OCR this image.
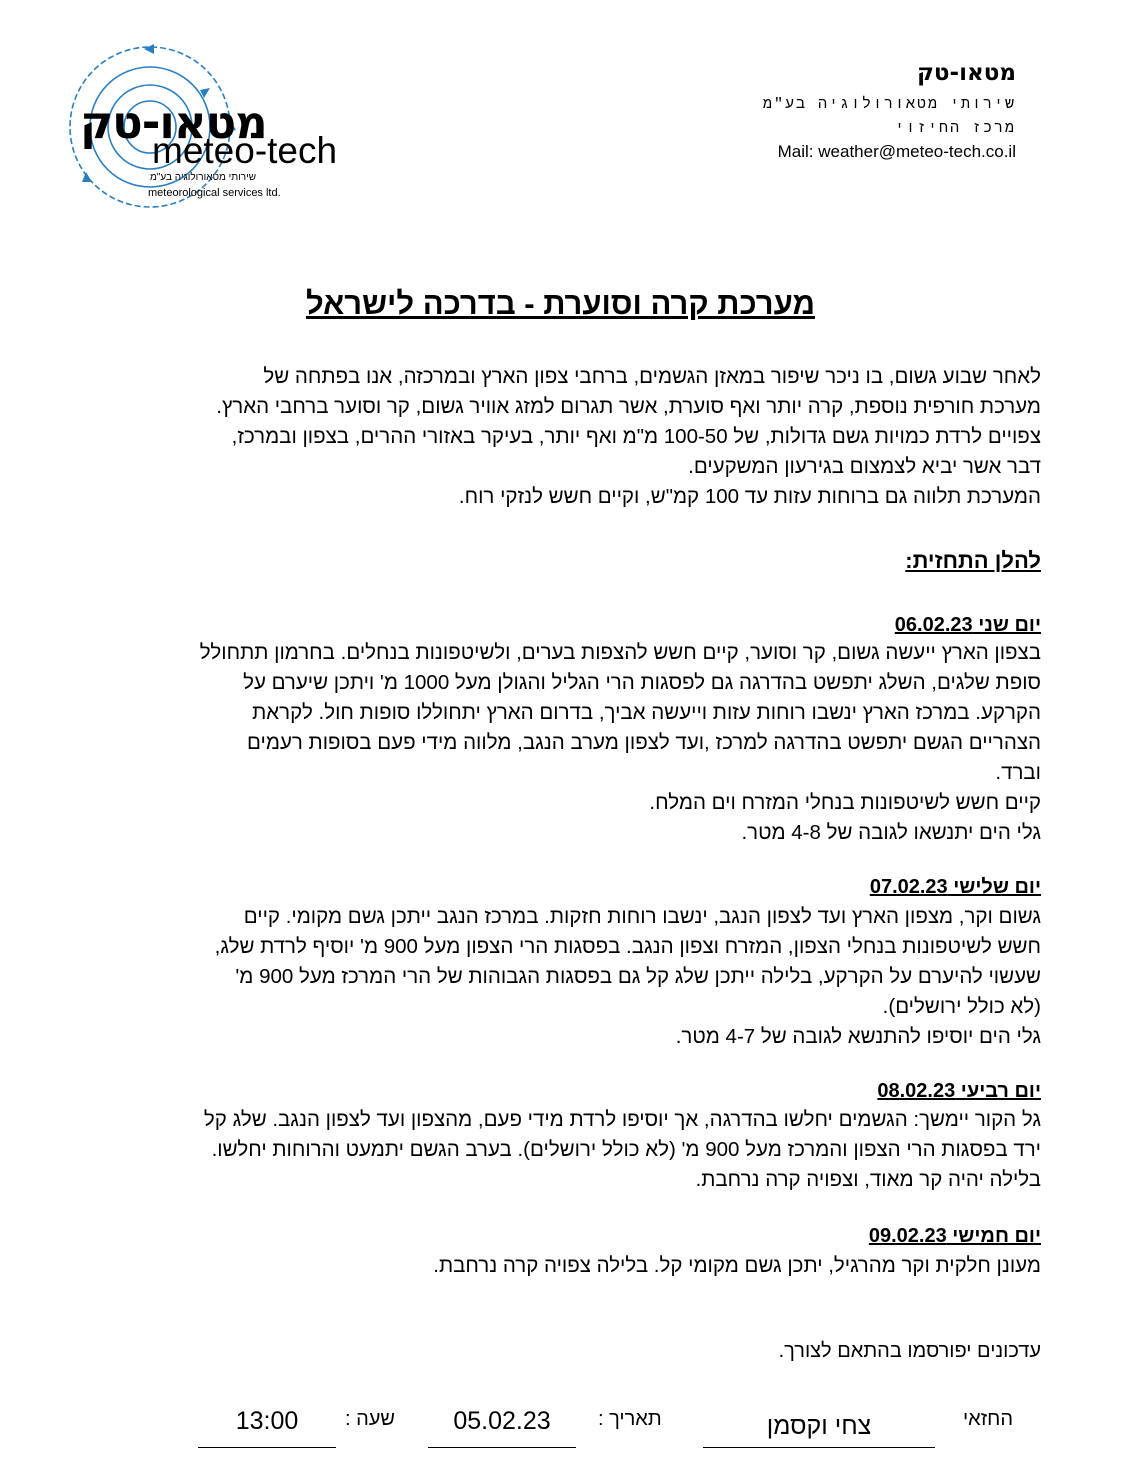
מטאו-טק
meteo-tech
שירותי מטאורולוגיה בע"מ
meteorological services ltd.
מטאו-טק
שירותי מטאורולוגיה בע"מ
מרכז החיזוי
Mail: weather@meteo-tech.co.il
מערכת קרה וסוערת - בדרכה לישראל

לאחר שבוע גשום, בו ניכר שיפור במאזן הגשמים, ברחבי צפון הארץ ובמרכזה, אנו בפתחה של

מערכת חורפית נוספת, קרה יותר ואף סוערת, אשר תגרום למזג אוויר גשום, קר וסוער ברחבי הארץ.

צפויים לרדת כמויות גשם גדולות, של 100-50 מ"מ ואף יותר, בעיקר באזורי ההרים, בצפון ובמרכז,

דבר אשר יביא לצמצום בגירעון המשקעים.

המערכת תלווה גם ברוחות עזות עד 100 קמ"ש, וקיים חשש לנזקי רוח.

להלן התחזית:
יום שני 06.02.23

בצפון הארץ ייעשה גשום, קר וסוער, קיים חשש להצפות בערים, ולשיטפונות בנחלים. בחרמון תתחולל

סופת שלגים, השלג יתפשט בהדרגה גם לפסגות הרי הגליל והגולן מעל 1000 מ' ויתכן שיערם על

הקרקע. במרכז הארץ ינשבו רוחות עזות וייעשה אביך, בדרום הארץ יתחוללו סופות חול. לקראת

הצהריים הגשם יתפשט בהדרגה למרכז ,ועד לצפון מערב הנגב, מלווה מידי פעם בסופות רעמים

וברד.

קיים חשש לשיטפונות בנחלי המזרח וים המלח.

גלי הים יתנשאו לגובה של 4-8 מטר.

יום שלישי 07.02.23

גשום וקר, מצפון הארץ ועד לצפון הנגב, ינשבו רוחות חזקות. במרכז הנגב ייתכן גשם מקומי. קיים

חשש לשיטפונות בנחלי הצפון, המזרח וצפון הנגב. בפסגות הרי הצפון מעל 900 מ' יוסיף לרדת שלג,

שעשוי להיערם על הקרקע, בלילה ייתכן שלג קל גם בפסגות הגבוהות של הרי המרכז מעל 900 מ'

(לא כולל ירושלים).

גלי הים יוסיפו להתנשא לגובה של 4-7 מטר.

יום רביעי 08.02.23

גל הקור יימשך: הגשמים יחלשו בהדרגה, אך יוסיפו לרדת מידי פעם, מהצפון ועד לצפון הנגב. שלג קל

ירד בפסגות הרי הצפון והמרכז מעל 900 מ' (לא כולל ירושלים). בערב הגשם יתמעט והרוחות יחלשו.

בלילה יהיה קר מאוד, וצפויה קרה נרחבת.

יום חמישי 09.02.23

מעונן חלקית וקר מהרגיל, יתכן גשם מקומי קל. בלילה צפויה קרה נרחבת.

עדכונים יפורסמו בהתאם לצורך.
החזאי
צחי וקסמן
תאריך :
05.02.23
שעה :
13:00
